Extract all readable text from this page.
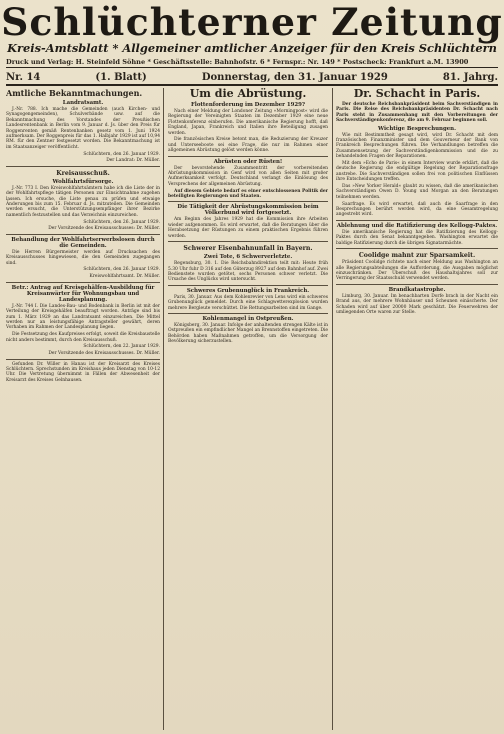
Schlüchterner Zeitung
Kreis-Amtsblatt * Allgemeiner amtlicher Anzeiger für den Kreis Schlüchtern
Druck und Verlag: H. Steinfeld Söhne * Geschäftsstelle: Bahnhofstr. 6 * Fernspr.: Nr. 149 * Postscheck: Frankfurt a.M. 13900
Nr. 14	(1. Blatt)	Donnerstag, den 31. Januar 1929	81. Jahrg.
Amtliche Bekanntmachungen.
Landratsamt.

J.-Nr. 788. Ich mache die Gemeinden (auch Kirchen- und Synagogengemeinden), Schulverbände usw. auf die Bekanntmachung des Vorstandes der Preußischen Landesrentenbank in Berlin vom 9. Januar d. Js. über den Preis für Roggenrenten gemäß Rentenbanken gesetz vom 1. Juni 1924 aufmerksam. Der Roggenpreis für das 1. Halbjahr 1929 ist auf 10,94 RM. für den Zentner festgesetzt worden. Die Bekanntmachung ist im Staatsanzeiger veröffentlicht.

Schlüchtern, den 26. Januar 1929.

Der Landrat: Dr. Müller.

Kreisausschuß.
Wohlfahrtsfürsorge.

J.-Nr. 773 I. Den Kreiswohlfahrtsämtern habe ich die Liste der in der Wohlfahrtspflege tätigen Personen zur Einsichtnahme zugehen lassen. Ich ersuche, die Liste genau zu prüfen und etwaige Änderungen bis zum 15. Februar d. Js. mitzuteilen. Die Gemeinden werden ersucht, die Unterstützungsempfänger ihrer Bezirke namentlich festzustellen und das Verzeichnis einzureichen.

Schlüchtern, den 26. Januar 1929.

Der Vorsitzende des Kreisausschusses: Dr. Müller.

Behandlung der Wohlfahrtserwerbslosen durch die Gemeinden.

Die Herren Bürgermeister werden auf Drucksachen des Kreisausschusses hingewiesen, die den Gemeinden zugegangen sind.

Schlüchtern, den 26. Januar 1929.

Kreiswohlfahrtsamt. Dr. Müller.

Betr.: Antrag auf Kreisgehälfen-Ausbildung für Kreisanwärter für Wohnungsbau und Landesplanung.

J.-Nr. 744 I. Die Landes-Bau- und Bodenbank in Berlin ist mit der Verteilung der Kreisgehälfen beauftragt worden. Anträge sind bis zum 1. März 1929 an das Landratsamt einzureichen. Die Mittel werden nur an leistungsfähige Antragsteller gewährt, deren Vorhaben im Rahmen der Landesplanung liegen.

Die Festsetzung des Kaufpreises erfolgt, soweit die Kreisbaustelle nicht anders bestimmt, durch den Kreisausschuß.

Schlüchtern, den 22. Januar 1929.

Der Vorsitzende des Kreisausschusses. Dr. Müller.

Gefunden Dr. Willer in Hanau ist der Kreisarzt des Kreises Schlüchtern. Sprechstunden im Kreishaus jeden Dienstag von 10-12 Uhr. Die Vertretung übernimmt in Fällen der Abwesenheit der Kreisarzt des Kreises Gelnhausen.

Um die Abrüstung.
Flottenforderung im Dezember 1929?

Nach einer Meldung der Londoner Zeitung »Morningpost« wird die Regierung der Vereinigten Staaten im Dezember 1929 eine neue Flottenkonferenz einberufen. Die amerikanische Regierung hofft, daß England, Japan, Frankreich und Italien ihre Beteiligung zusagen werden.

Die französischen Kreise betont man, die Reduzierung der Kreuzer und Unterseeboote sei eine Frage, die nur im Rahmen einer allgemeinen Abrüstung gelöst werden könne.

Abrüsten oder Rüsten!

Der bevorstehende Zusammentritt der vorbereitenden Abrüstungskommission in Genf wird von allen Seiten mit großer Aufmerksamkeit verfolgt. Deutschland verlangt die Einlösung des Versprechens der allgemeinen Abrüstung.

Auf diesem Gebiete bedarf es einer entschlossenen Politik der beteiligten Regierungen und Staaten.

Die Tätigkeit der Abrüstungskommission beim Völkerbund wird fortgesetzt.

Am Beginn des Jahres 1929 hat die Kommission ihre Arbeiten wieder aufgenommen. Es wird erwartet, daß die Beratungen über die Herabsetzung der Rüstungen zu einem praktischen Ergebnis führen werden.

Schwerer Eisenbahnunfall in Bayern.
Zwei Tote, 6 Schwerverletzte.

Regensburg, 30. 1. Die Reichsbahndirektion teilt mit: Heute früh 5.30 Uhr fuhr D 316 auf den Güterzug 8927 auf dem Bahnhof auf. Zwei Bedienstete wurden getötet, sechs Personen schwer verletzt. Die Ursache des Unglücks wird untersucht.

Schweres Grubenunglück in Frankreich.

Paris, 30. Januar. Aus dem Kohlenrevier von Lens wird ein schweres Grubenunglück gemeldet. Durch eine Schlagwetterexplosion wurden mehrere Bergleute verschüttet. Die Rettungsarbeiten sind im Gange.

Kohlenmangel in Ostpreußen.

Königsberg, 30. Januar. Infolge der anhaltenden strengen Kälte ist in Ostpreußen ein empfindlicher Mangel an Brennstoffen eingetreten. Die Behörden haben Maßnahmen getroffen, um die Versorgung der Bevölkerung sicherzustellen.

Dr. Schacht in Paris.

Der deutsche Reichsbankpräsident beim Sachverständigen in Paris. Die Reise des Reichsbankpräsidenten Dr. Schacht nach Paris steht in Zusammenhang mit den Vorbereitungen der Sachverständigenkonferenz, die am 9. Februar beginnen soll.

Wichtige Besprechungen.

Wie mit Bestimmtheit gesagt wird, wird Dr. Schacht mit dem französischen Finanzminister und dem Gouverneur der Bank von Frankreich Besprechungen führen. Die Verhandlungen betreffen die Zusammensetzung der Sachverständigenkommission und die zu behandelnden Fragen der Reparationen.

Mit dem »Echo de Paris« in einem Interview wurde erklärt, daß die deutsche Regierung die endgültige Regelung der Reparationsfrage anstrebe. Die Sachverständigen sollen frei von politischen Einflüssen ihre Entscheidungen treffen.

Das »New Yorker Herald« glaubt zu wissen, daß die amerikanischen Sachverständigen Owen D. Young und Morgan an den Beratungen teilnehmen werden.

Saarfrage. Es wird erwartet, daß auch die Saarfrage in den Besprechungen berührt werden wird, da eine Gesamtregelung angestrebt wird.

Ablehnung und die Ratifizierung des Kellogg-Paktes.

Die amerikanische Regierung hat die Ratifizierung des Kellogg-Paktes durch den Senat bekanntgegeben. Washington erwartet die baldige Ratifizierung durch die übrigen Signatarmächte.

Coolidge mahnt zur Sparsamkeit.

Präsident Coolidge richtete nach einer Meldung aus Washington an alle Regierungsabteilungen die Aufforderung, die Ausgaben möglichst einzuschränken. Der Überschuß des Haushaltsjahres soll zur Verringerung der Staatsschuld verwendet werden.

Brandkatastrophe.

Limburg, 30. Januar. Im benachbarten Dorfe brach in der Nacht ein Brand aus, der mehrere Wohnhäuser und Scheunen einäscherte. Der Schaden wird auf über 20000 Mark geschätzt. Die Feuerwehren der umliegenden Orte waren zur Stelle.
